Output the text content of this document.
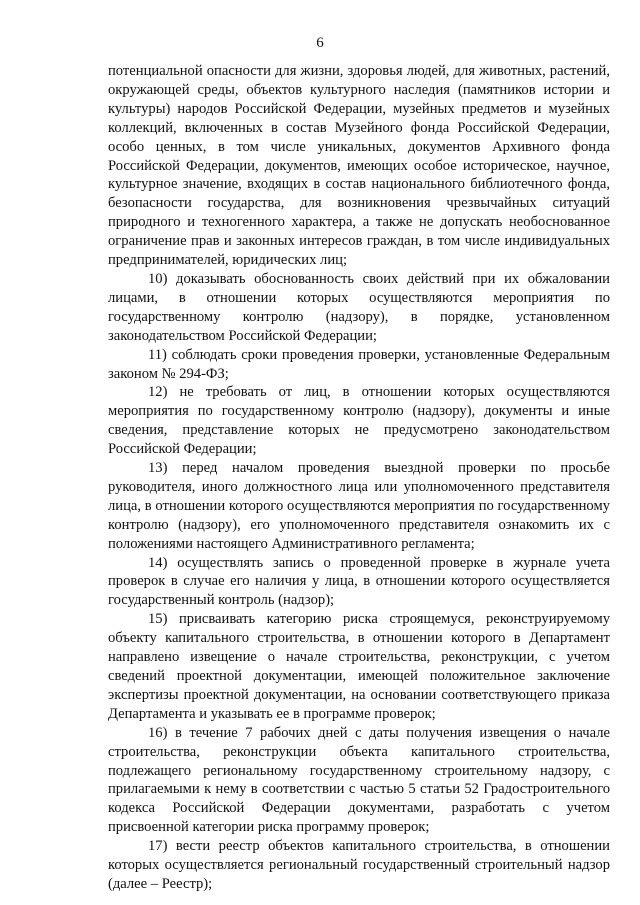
6

потенциальной опасности для жизни, здоровья людей, для животных, растений, окружающей среды, объектов культурного наследия (памятников истории и культуры) народов Российской Федерации, музейных предметов и музейных коллекций, включенных в состав Музейного фонда Российской Федерации, особо ценных, в том числе уникальных, документов Архивного фонда Российской Федерации, документов, имеющих особое историческое, научное, культурное значение, входящих в состав национального библиотечного фонда, безопасности государства, для возникновения чрезвычайных ситуаций природного и техногенного характера, а также не допускать необоснованное ограничение прав и законных интересов граждан, в том числе индивидуальных предпринимателей, юридических лиц;

10) доказывать обоснованность своих действий при их обжаловании лицами, в отношении которых осуществляются мероприятия по государственному контролю (надзору), в порядке, установленном законодательством Российской Федерации;

11) соблюдать сроки проведения проверки, установленные Федеральным законом № 294-ФЗ;

12) не требовать от лиц, в отношении которых осуществляются мероприятия по государственному контролю (надзору), документы и иные сведения, представление которых не предусмотрено законодательством Российской Федерации;

13) перед началом проведения выездной проверки по просьбе руководителя, иного должностного лица или уполномоченного представителя лица, в отношении которого осуществляются мероприятия по государственному контролю (надзору), его уполномоченного представителя ознакомить их с положениями настоящего Административного регламента;

14) осуществлять запись о проведенной проверке в журнале учета проверок в случае его наличия у лица, в отношении которого осуществляется государственный контроль (надзор);

15) присваивать категорию риска строящемуся, реконструируемому объекту капитального строительства, в отношении которого в Департамент направлено извещение о начале строительства, реконструкции, с учетом сведений проектной документации, имеющей положительное заключение экспертизы проектной документации, на основании соответствующего приказа Департамента и указывать ее в программе проверок;

16) в течение 7 рабочих дней с даты получения извещения о начале строительства, реконструкции объекта капитального строительства, подлежащего региональному государственному строительному надзору, с прилагаемыми к нему в соответствии с частью 5 статьи 52 Градостроительного кодекса Российской Федерации документами, разработать с учетом присвоенной категории риска программу проверок;

17) вести реестр объектов капитального строительства, в отношении которых осуществляется региональный государственный строительный надзор (далее – Реестр);
